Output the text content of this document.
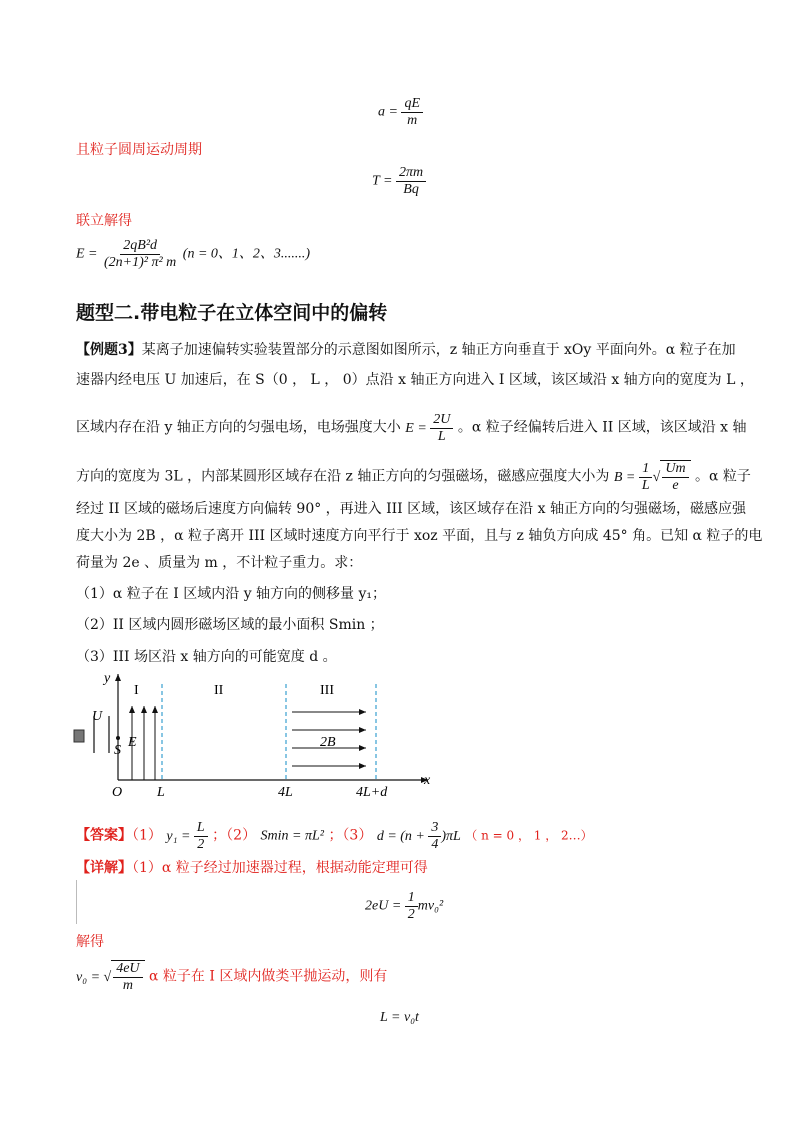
$a = \frac{qE}{m}$
且粒子圆周运动周期
$T = \frac{2\pi m}{Bq}$
联立解得
$E = \frac{\text{2qB²d}}{\text{(2n+1)² π² m}} (n = 0$、1、2、3.......)
题型二.带电粒子在立体空间中的偏转
【例题3】某离子加速偏转实验装置部分的示意图如图所示，z 轴正方向垂直于 xOy 平面向外。α 粒子在加
速器内经电压 U 加速后，在 S（0 ， L ， 0）点沿 x 轴正方向进入 I 区域，该区域沿 x 轴方向的宽度为 L ，
区域内存在沿 y 轴正方向的匀强电场，电场强度大小 $E = \frac{2U}{L}$ 。α 粒子经偏转后进入 II 区域，该区域沿 x 轴
方向的宽度为 3L ，内部某圆形区域存在沿 z 轴正方向的匀强磁场，磁感应强度大小为 $B = \frac{1}{L}$ √ $\frac{Um}{e}$ 。α 粒子
经过 II 区域的磁场后速度方向偏转 90° ，再进入 III 区域，该区域存在沿 x 轴正方向的匀强磁场，磁感应强
度大小为 2B ，α 粒子离开 III 区域时速度方向平行于 xoz 平面，且与 z 轴负方向成 45° 角。已知 α 粒子的电
荷量为 2e 、质量为 m ，不计粒子重力。求：
（1）α 粒子在 I 区域内沿 y 轴方向的侧移量 y₁；
（2）II 区域内圆形磁场区域的最小面积 Smin ；
（3）III 场区沿 x 轴方向的可能宽度 d 。
y
x
I	II	III
U
E
S
2B
O L	4L	4L+d
【答案】（1） $y_1 = \frac{L}{2}$ ；（2） Smin = πL² ；（3） $d = (n + \frac{3}{4} )\pi L$ （ n = 0 ， 1 ， 2…）
【详解】（1）α 粒子经过加速器过程，根据动能定理可得
$2eU = \frac{1}{2} mv_0^2$
解得
v₀ = √ $\frac{4eU}{m}$ α 粒子在 I 区域内做类平抛运动，则有
L = v₀t
